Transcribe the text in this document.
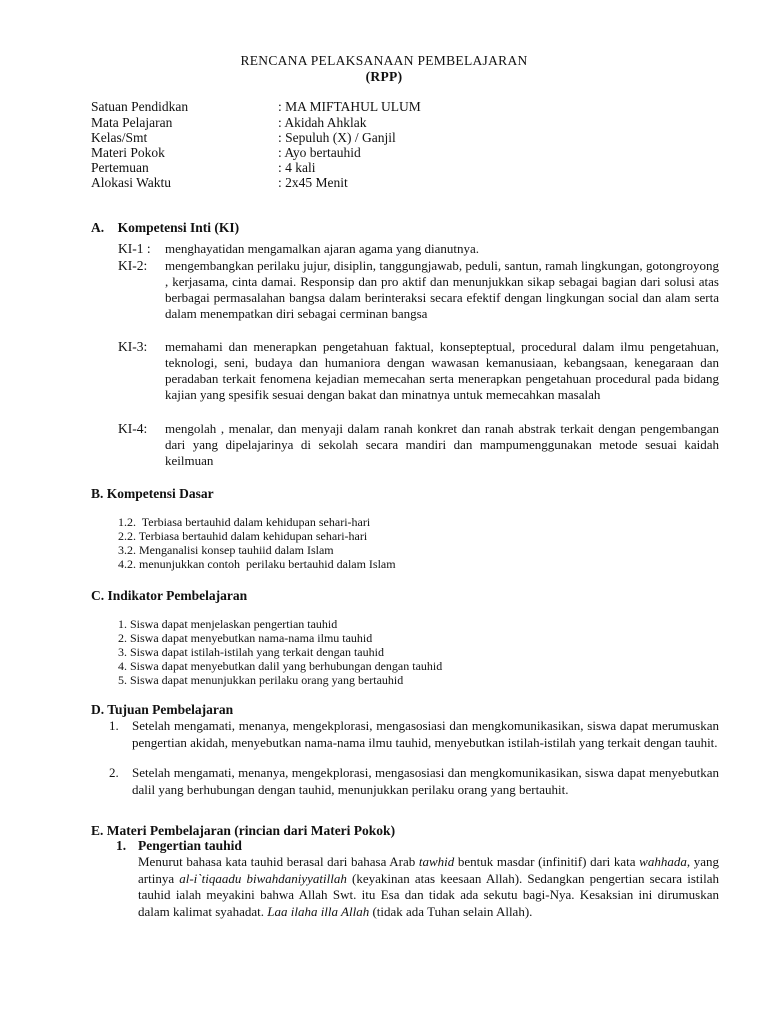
RENCANA PELAKSANAAN PEMBELAJARAN
(RPP)
Satuan Pendidkan	: MA MIFTAHUL ULUM
Mata Pelajaran	: Akidah Ahklak
Kelas/Smt	: Sepuluh (X) / Ganjil
Materi Pokok	: Ayo bertauhid
Pertemuan	: 4 kali
Alokasi Waktu	: 2x45 Menit
A.    Kompetensi Inti (KI)
KI-1 : menghayatidan mengamalkan ajaran agama yang dianutnya.
KI-2: mengembangkan perilaku jujur, disiplin, tanggungjawab, peduli, santun, ramah lingkungan, gotongroyong , kerjasama, cinta damai. Responsip dan pro aktif dan menunjukkan sikap sebagai bagian dari solusi atas berbagai permasalahan bangsa dalam berinteraksi secara efektif dengan lingkungan social dan alam serta dalam menempatkan diri sebagai cerminan bangsa
KI-3: memahami dan menerapkan pengetahuan faktual, konsepteptual, procedural dalam ilmu pengetahuan, teknologi, seni, budaya dan humaniora dengan wawasan kemanusiaan, kebangsaan, kenegaraan dan peradaban terkait fenomena kejadian memecahan serta menerapkan pengetahuan procedural pada bidang kajian yang spesifik sesuai dengan bakat dan minatnya untuk memecahkan masalah
KI-4: mengolah , menalar, dan menyaji dalam ranah konkret dan ranah abstrak terkait dengan pengembangan dari yang dipelajarinya di sekolah secara mandiri dan mampumenggunakan metode sesuai kaidah keilmuan
B. Kompetensi Dasar
1.2.  Terbiasa bertauhid dalam kehidupan sehari-hari
2.2. Terbiasa bertauhid dalam kehidupan sehari-hari
3.2. Menganalisi konsep tauhiid dalam Islam
4.2. menunjukkan contoh  perilaku bertauhid dalam Islam
C. Indikator Pembelajaran
1. Siswa dapat menjelaskan pengertian tauhid
2. Siswa dapat menyebutkan nama-nama ilmu tauhid
3. Siswa dapat istilah-istilah yang terkait dengan tauhid
4. Siswa dapat menyebutkan dalil yang berhubungan dengan tauhid
5. Siswa dapat menunjukkan perilaku orang yang bertauhid
D. Tujuan Pembelajaran
1. Setelah mengamati, menanya, mengekplorasi, mengasosiasi dan mengkomunikasikan, siswa dapat merumuskan pengertian akidah, menyebutkan nama-nama ilmu tauhid, menyebutkan istilah-istilah yang terkait dengan tauhit.
2. Setelah mengamati, menanya, mengekplorasi, mengasosiasi dan mengkomunikasikan, siswa dapat menyebutkan dalil yang berhubungan dengan tauhid, menunjukkan perilaku orang yang bertauhit.
E. Materi Pembelajaran (rincian dari Materi Pokok)
1. Pengertian tauhid
Menurut bahasa kata tauhid berasal dari bahasa Arab tawhid bentuk masdar (infinitif) dari kata wahhada, yang artinya al-i`tiqaadu biwahdaniyyatillah (keyakinan atas keesaan Allah). Sedangkan pengertian secara istilah tauhid ialah meyakini bahwa Allah Swt. itu Esa dan tidak ada sekutu bagi-Nya. Kesaksian ini dirumuskan dalam kalimat syahadat. Laa ilaha illa Allah (tidak ada Tuhan selain Allah).
